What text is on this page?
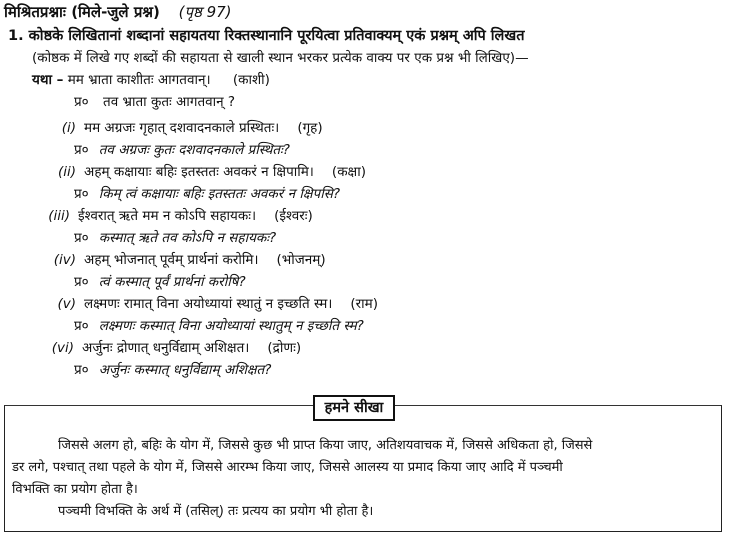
मिश्रितप्रश्नाः (मिले-जुले प्रश्न) (पृष्ठ 97)
1. कोष्ठके लिखितानां शब्दानां सहायतया रिक्तस्थानानि पूरयित्वा प्रतिवाक्यम् एकं प्रश्नम् अपि लिखत
(कोष्ठक में लिखे गए शब्दों की सहायता से खाली स्थान भरकर प्रत्येक वाक्य पर एक प्रश्न भी लिखिए)—
यथा – मम भ्राता काशीतः आगतवान्। (काशी)
प्र० तव भ्राता कुतः आगतवान् ?
(i) मम अग्रजः गृहात् दशवादनकाले प्रस्थितः। (गृह)
प्र० तव अग्रजः कुतः दशवादनकाले प्रस्थितः?
(ii) अहम् कक्षायाः बहिः इतस्ततः अवकरं न क्षिपामि। (कक्षा)
प्र० किम् त्वं कक्षायाः बहिः इतस्ततः अवकरं न क्षिपसि?
(iii) ईश्वरात् ऋते मम न कोऽपि सहायकः। (ईश्वरः)
प्र० कस्मात् ऋते तव कोऽपि न सहायकः?
(iv) अहम् भोजनात् पूर्वम् प्रार्थनां करोमि। (भोजनम्)
प्र० त्वं कस्मात् पूर्वं प्रार्थनां करोषि?
(v) लक्ष्मणः रामात् विना अयोध्यायां स्थातुं न इच्छति स्म। (राम)
प्र० लक्ष्मणः कस्मात् विना अयोध्यायां स्थातुम् न इच्छति स्म?
(vi) अर्जुनः द्रोणात् धनुर्विद्याम् अशिक्षत। (द्रोणः)
प्र० अर्जुनः कस्मात् धनुर्विद्याम् अशिक्षत?
हमने सीखा
जिससे अलग हो, बहिः के योग में, जिससे कुछ भी प्राप्त किया जाए, अतिशयवाचक में, जिससे अधिकता हो, जिससे
डर लगे, पश्चात् तथा पहले के योग में, जिससे आरम्भ किया जाए, जिससे आलस्य या प्रमाद किया जाए आदि में पञ्चमी
विभक्ति का प्रयोग होता है।
पञ्चमी विभक्ति के अर्थ में (तसिल्) तः प्रत्यय का प्रयोग भी होता है।
